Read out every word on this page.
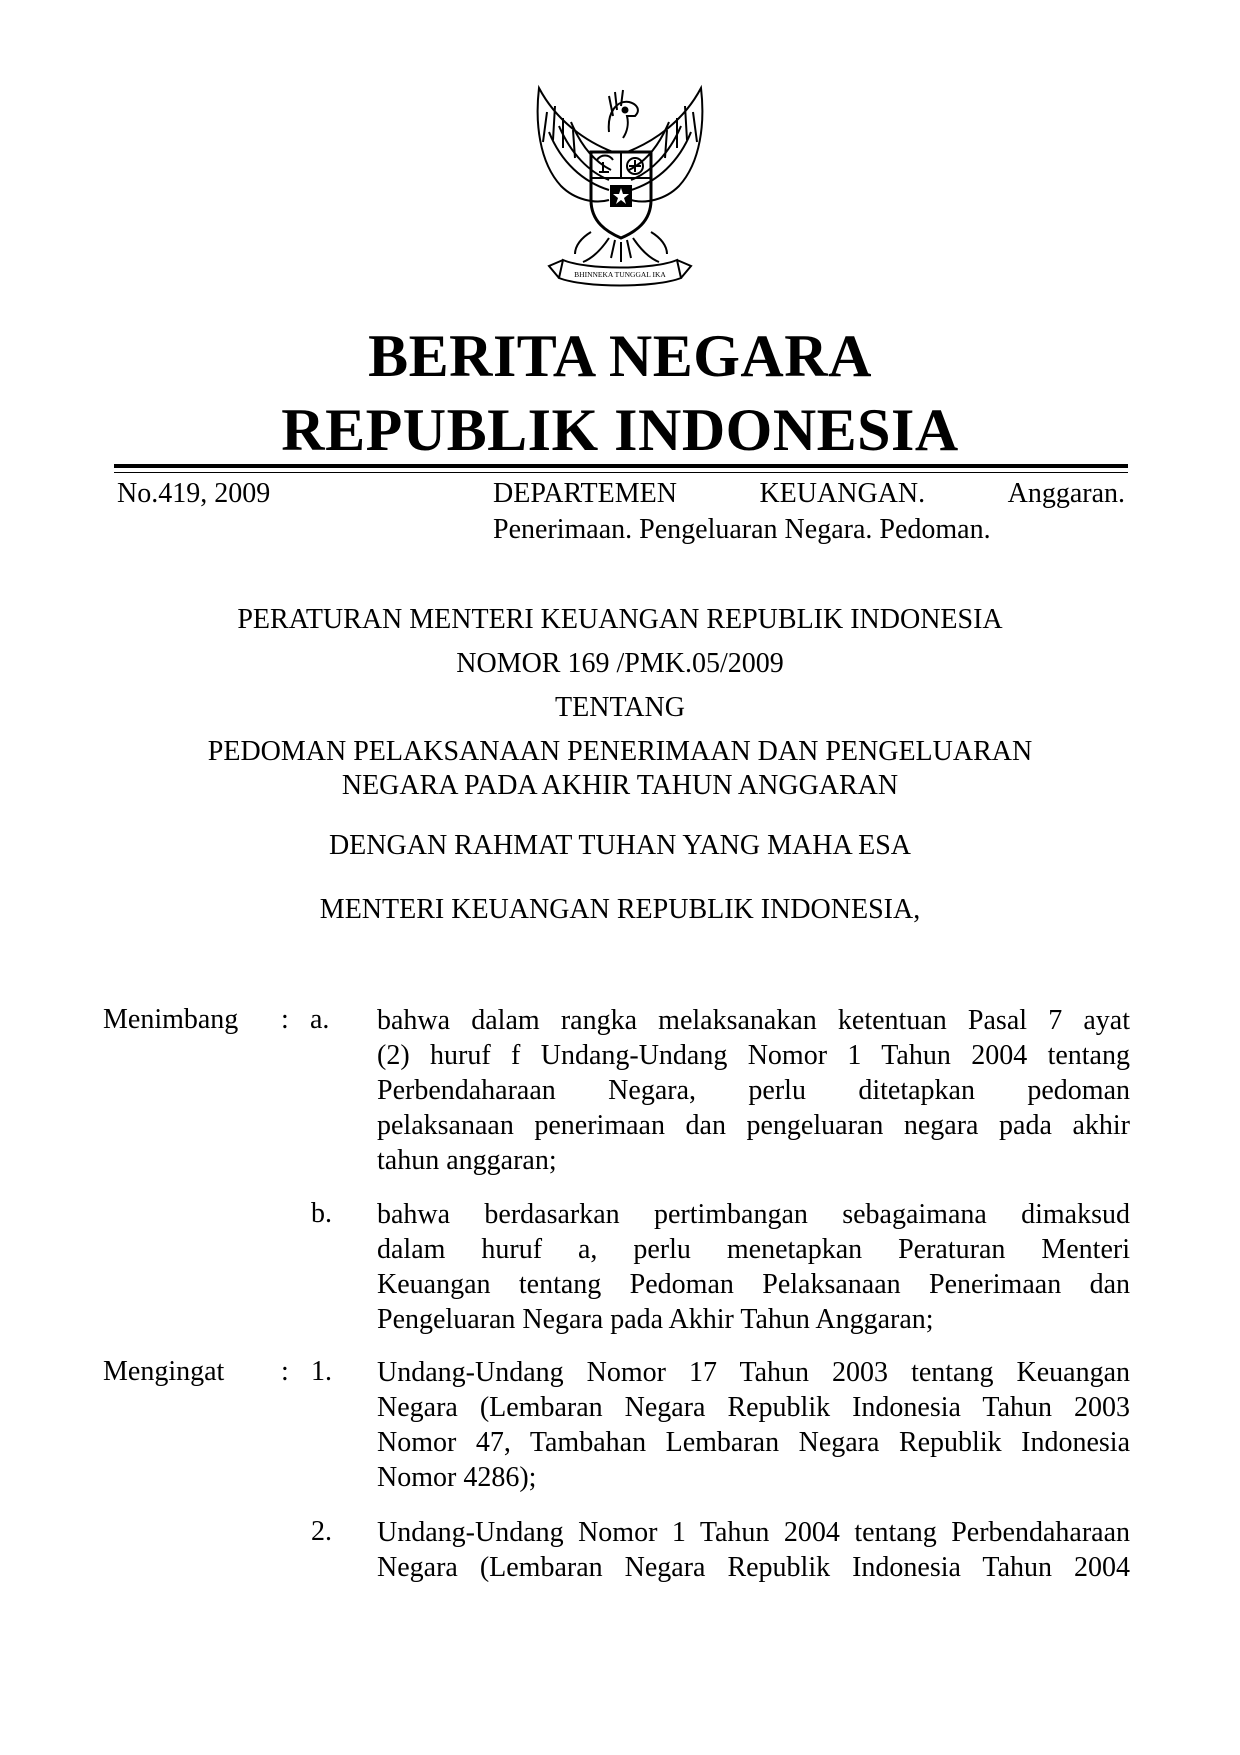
BHINNEKA TUNGGAL IKA
BERITA NEGARA
REPUBLIK INDONESIA
No.419, 2009	DEPARTEMEN	KEUANGAN.	Anggaran.
Penerimaan. Pengeluaran Negara. Pedoman.
PERATURAN MENTERI KEUANGAN REPUBLIK INDONESIA
NOMOR 169 /PMK.05/2009
TENTANG
PEDOMAN PELAKSANAAN PENERIMAAN DAN PENGELUARAN
NEGARA PADA AKHIR TAHUN ANGGARAN
DENGAN RAHMAT TUHAN YANG MAHA ESA
MENTERI KEUANGAN REPUBLIK INDONESIA,
Menimbang : a. bahwa dalam rangka melaksanakan ketentuan Pasal 7 ayat
(2) huruf f Undang-Undang Nomor 1 Tahun 2004 tentang
Perbendaharaan Negara, perlu ditetapkan pedoman
pelaksanaan penerimaan dan pengeluaran negara pada akhir
tahun anggaran;
b. bahwa berdasarkan pertimbangan sebagaimana dimaksud
dalam huruf a, perlu menetapkan Peraturan Menteri
Keuangan tentang Pedoman Pelaksanaan Penerimaan dan
Pengeluaran Negara pada Akhir Tahun Anggaran;
Mengingat : 1. Undang-Undang Nomor 17 Tahun 2003 tentang Keuangan
Negara (Lembaran Negara Republik Indonesia Tahun 2003
Nomor 47, Tambahan Lembaran Negara Republik Indonesia
Nomor 4286);
2. Undang-Undang Nomor 1 Tahun 2004 tentang Perbendaharaan
Negara (Lembaran Negara Republik Indonesia Tahun 2004
